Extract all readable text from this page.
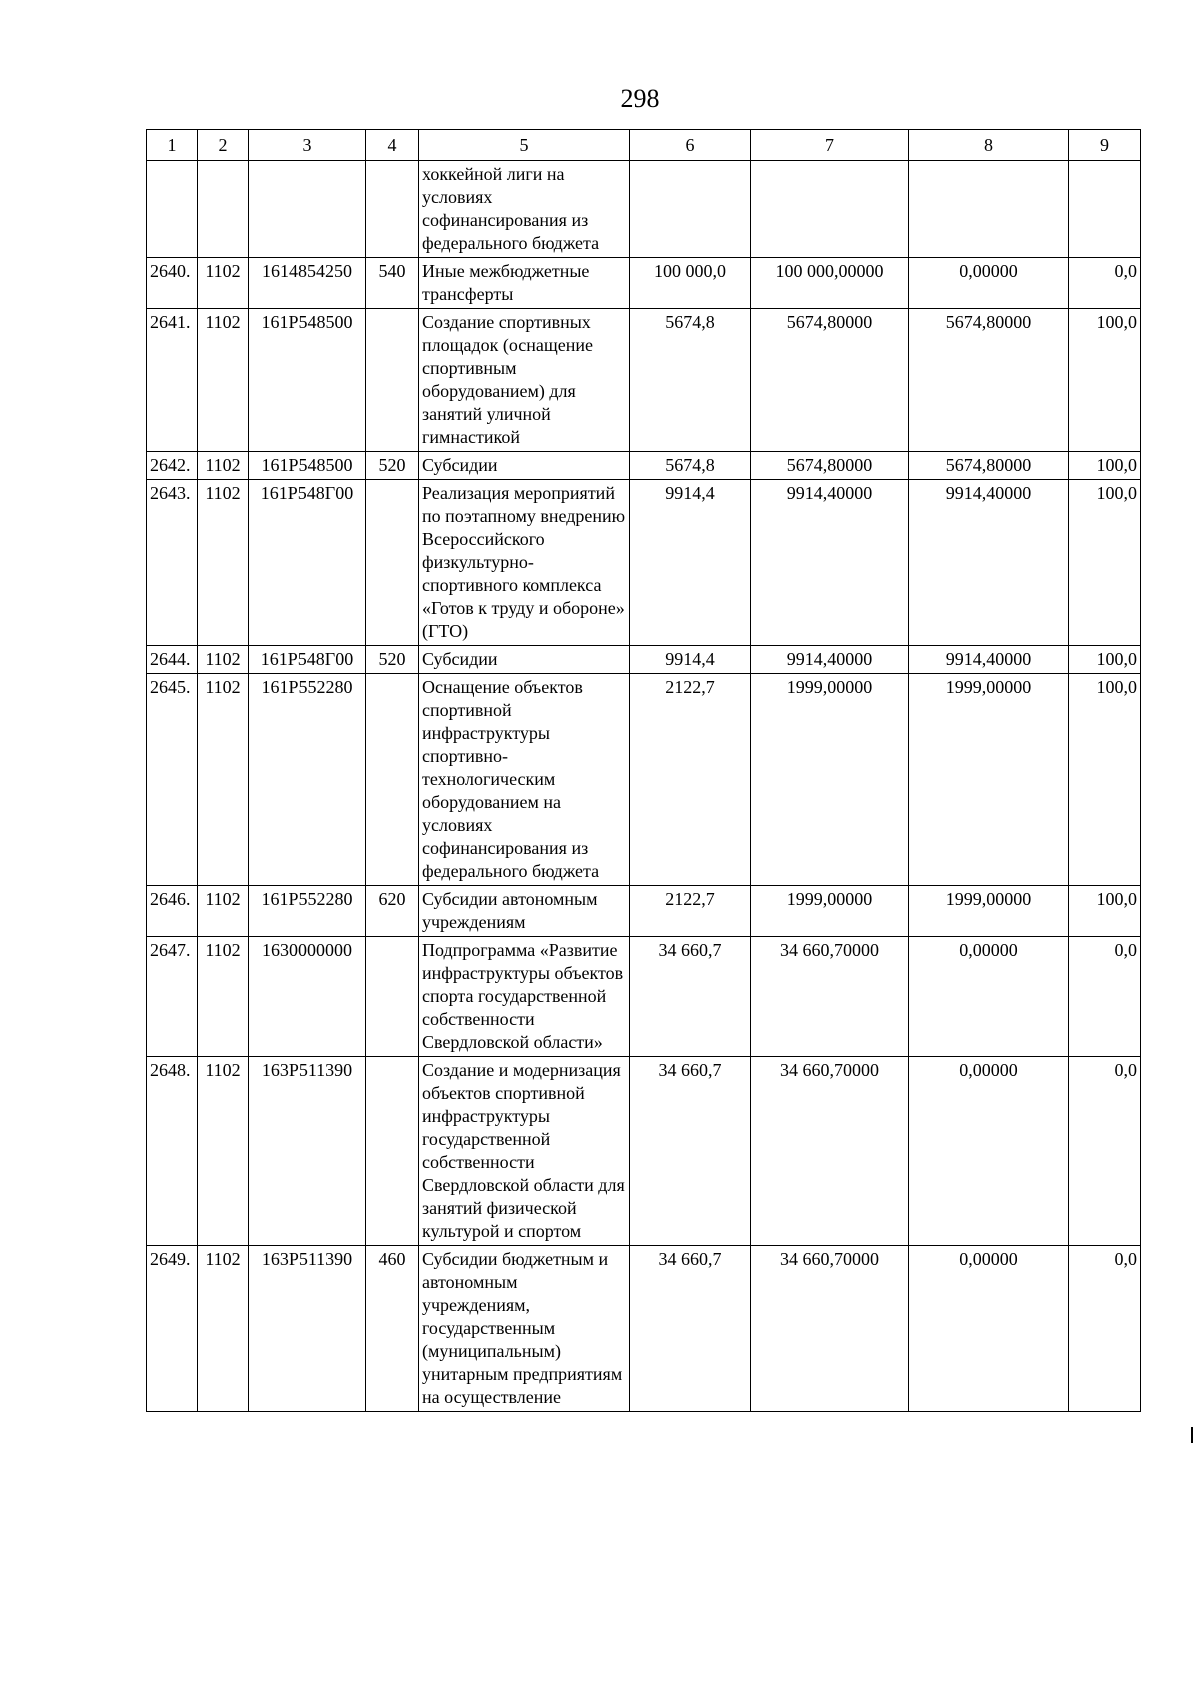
298
1	2	3	4	5	6	7	8	9
				хоккейной лиги на условиях софинансирования из федерального бюджета				
2640.	1102	1614854250	540	Иные межбюджетные трансферты	100 000,0	100 000,00000	0,00000	0,0
2641.	1102	161P548500		Создание спортивных площадок (оснащение спортивным оборудованием) для занятий уличной гимнастикой	5674,8	5674,80000	5674,80000	100,0
2642.	1102	161P548500	520	Субсидии	5674,8	5674,80000	5674,80000	100,0
2643.	1102	161P548Г00		Реализация мероприятий по поэтапному внедрению Всероссийского физкультурно-спортивного комплекса «Готов к труду и обороне» (ГТО)	9914,4	9914,40000	9914,40000	100,0
2644.	1102	161P548Г00	520	Субсидии	9914,4	9914,40000	9914,40000	100,0
2645.	1102	161P552280		Оснащение объектов спортивной инфраструктуры спортивно-технологическим оборудованием на условиях софинансирования из федерального бюджета	2122,7	1999,00000	1999,00000	100,0
2646.	1102	161P552280	620	Субсидии автономным учреждениям	2122,7	1999,00000	1999,00000	100,0
2647.	1102	1630000000		Подпрограмма «Развитие инфраструктуры объектов спорта государственной собственности Свердловской области»	34 660,7	34 660,70000	0,00000	0,0
2648.	1102	163P511390		Создание и модернизация объектов спортивной инфраструктуры государственной собственности Свердловской области для занятий физической культурой и спортом	34 660,7	34 660,70000	0,00000	0,0
2649.	1102	163P511390	460	Субсидии бюджетным и автономным учреждениям, государственным (муниципальным) унитарным предприятиям на осуществление	34 660,7	34 660,70000	0,00000	0,0
